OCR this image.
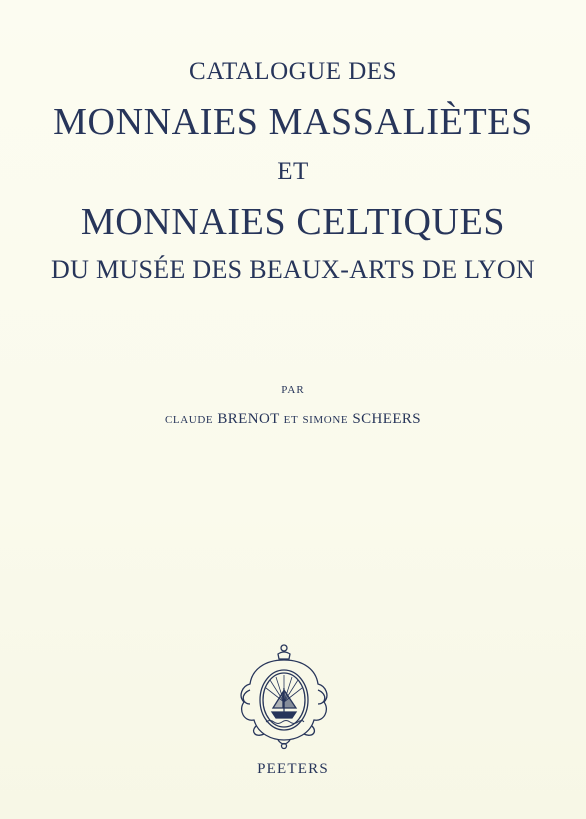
CATALOGUE DES
MONNAIES MASSALIÈTES
ET
MONNAIES CELTIQUES
DU MUSÉE DES BEAUX-ARTS DE LYON
PAR
CLAUDE BRENOT ET SIMONE SCHEERS
PEETERS
